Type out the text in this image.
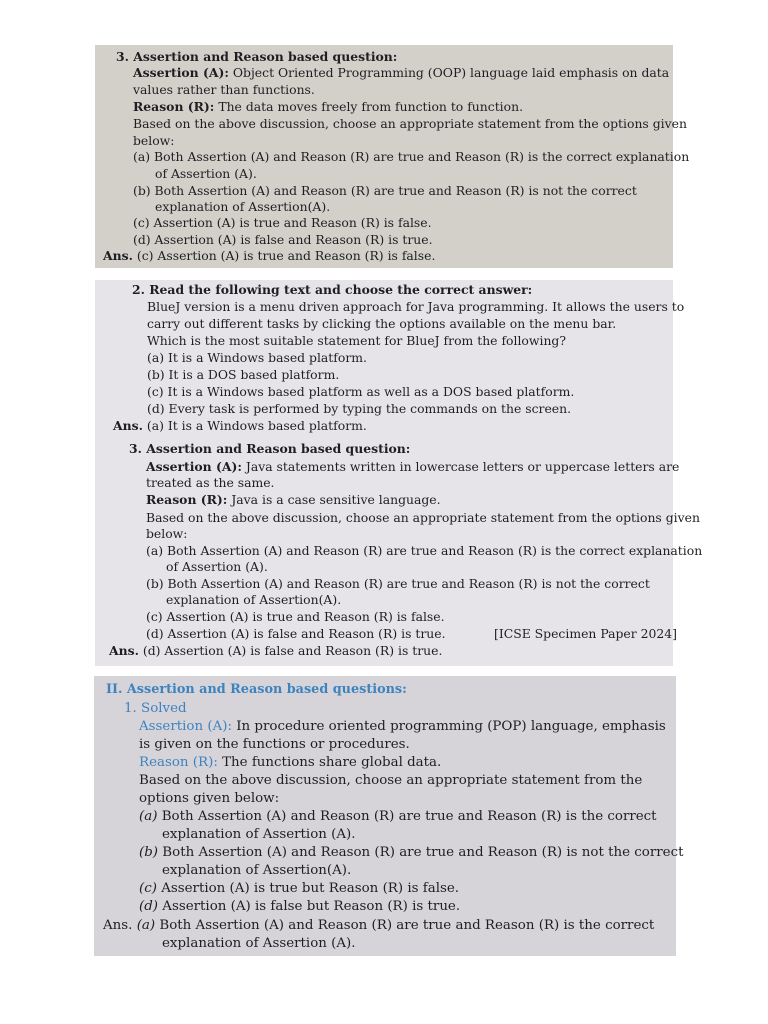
3. Assertion and Reason based question:
Assertion (A): Object Oriented Programming (OOP) language laid emphasis on data
values rather than functions.
Reason (R): The data moves freely from function to function.
Based on the above discussion, choose an appropriate statement from the options given
below:
(a) Both Assertion (A) and Reason (R) are true and Reason (R) is the correct explanation
of Assertion (A).
(b) Both Assertion (A) and Reason (R) are true and Reason (R) is not the correct
explanation of Assertion(A).
(c) Assertion (A) is true and Reason (R) is false.
(d) Assertion (A) is false and Reason (R) is true.
Ans. (c) Assertion (A) is true and Reason (R) is false.
2. Read the following text and choose the correct answer:
BlueJ version is a menu driven approach for Java programming. It allows the users to
carry out different tasks by clicking the options available on the menu bar.
Which is the most suitable statement for BlueJ from the following?
(a) It is a Windows based platform.
(b) It is a DOS based platform.
(c) It is a Windows based platform as well as a DOS based platform.
(d) Every task is performed by typing the commands on the screen.
Ans. (a) It is a Windows based platform.
3. Assertion and Reason based question:
Assertion (A): Java statements written in lowercase letters or uppercase letters are
treated as the same.
Reason (R): Java is a case sensitive language.
Based on the above discussion, choose an appropriate statement from the options given
below:
(a) Both Assertion (A) and Reason (R) are true and Reason (R) is the correct explanation
of Assertion (A).
(b) Both Assertion (A) and Reason (R) are true and Reason (R) is not the correct
explanation of Assertion(A).
(c) Assertion (A) is true and Reason (R) is false.
(d) Assertion (A) is false and Reason (R) is true.	[ICSE Specimen Paper 2024]
Ans. (d) Assertion (A) is false and Reason (R) is true.
II. Assertion and Reason based questions:
1. Solved
Assertion (A): In procedure oriented programming (POP) language, emphasis
is given on the functions or procedures.
Reason (R): The functions share global data.
Based on the above discussion, choose an appropriate statement from the
options given below:
(a) Both Assertion (A) and Reason (R) are true and Reason (R) is the correct
explanation of Assertion (A).
(b) Both Assertion (A) and Reason (R) are true and Reason (R) is not the correct
explanation of Assertion(A).
(c) Assertion (A) is true but Reason (R) is false.
(d) Assertion (A) is false but Reason (R) is true.
Ans. (a) Both Assertion (A) and Reason (R) are true and Reason (R) is the correct
explanation of Assertion (A).
